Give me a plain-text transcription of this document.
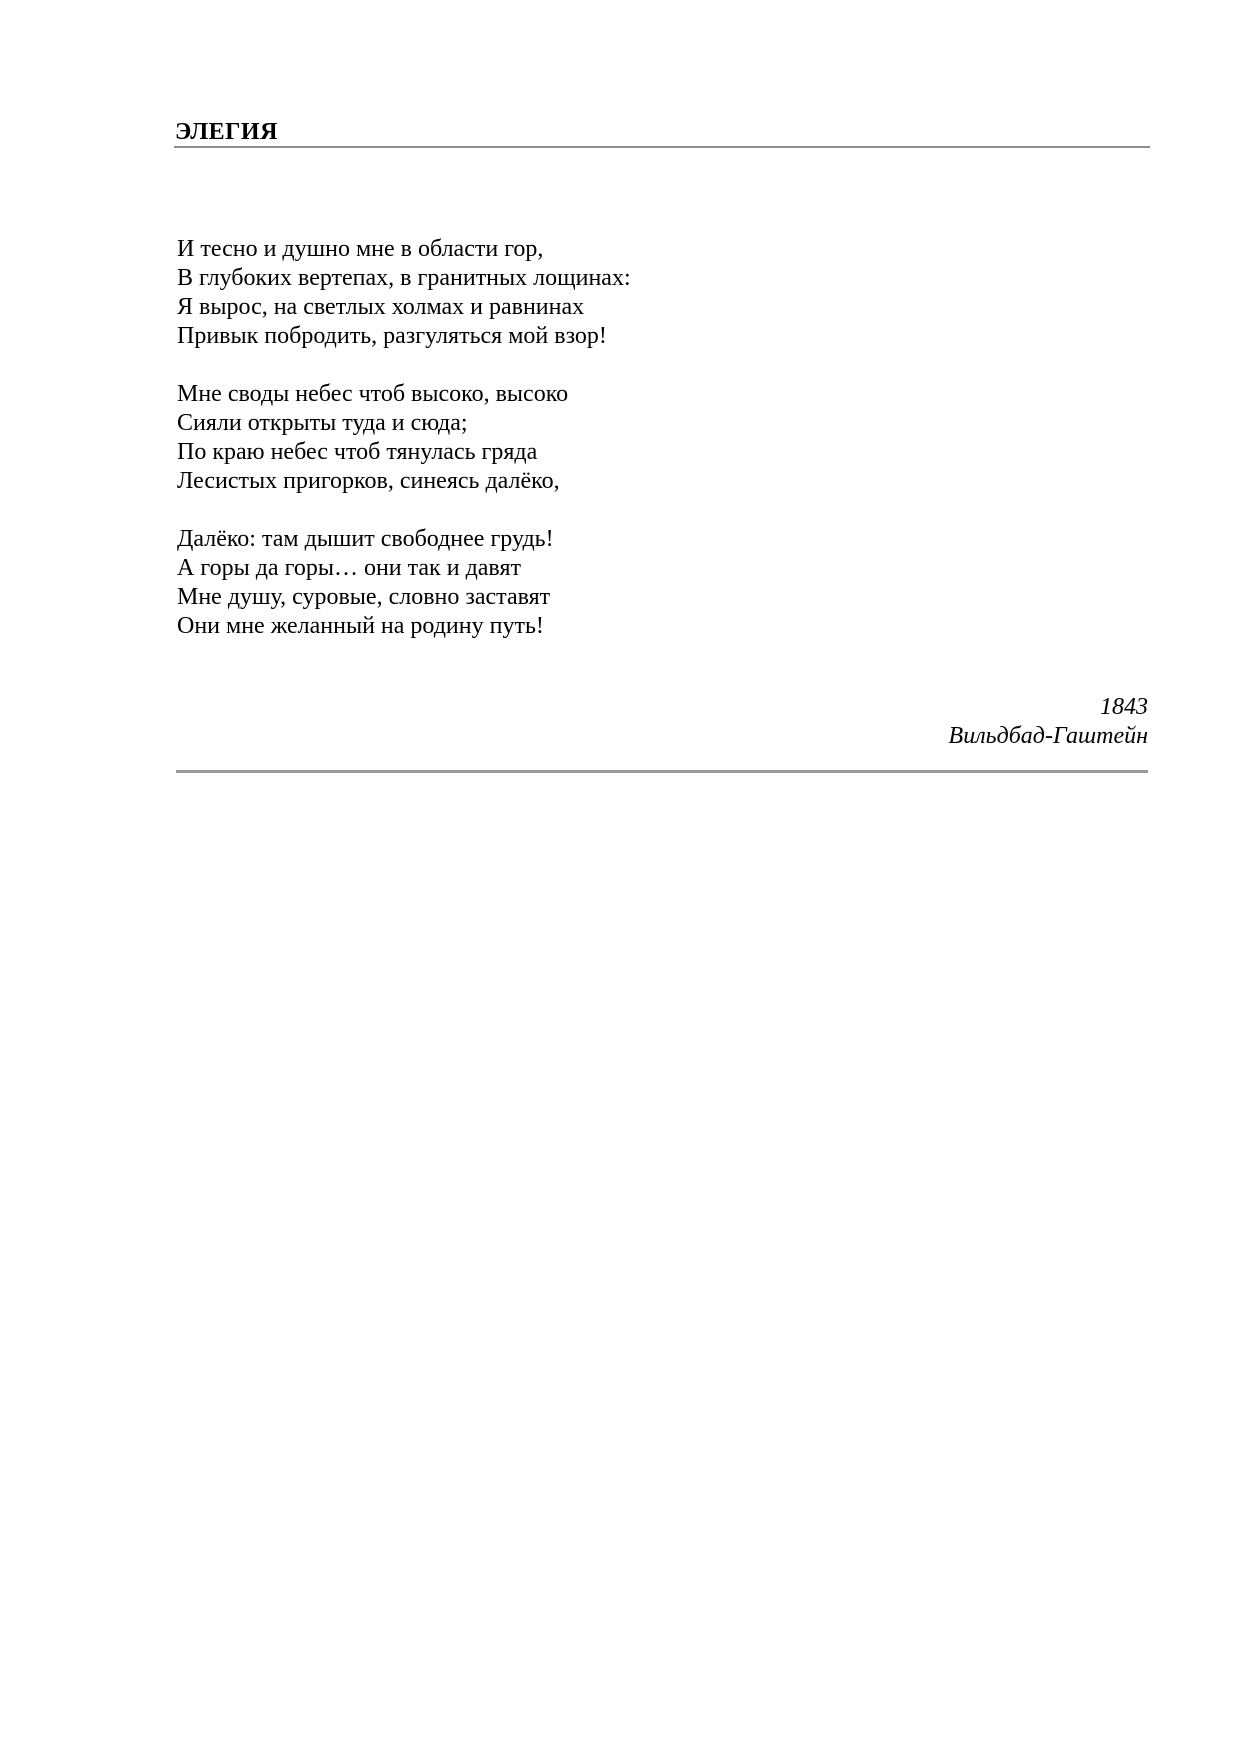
ЭЛЕГИЯ
И тесно и душно мне в области гор,
В глубоких вертепах, в гранитных лощинах:
Я вырос, на светлых холмах и равнинах
Привык побродить, разгуляться мой взор!
Мне своды небес чтоб высоко, высоко
Сияли открыты туда и сюда;
По краю небес чтоб тянулась гряда
Лесистых пригорков, синеясь далёко,
Далёко: там дышит свободнее грудь!
А горы да горы… они так и давят
Мне душу, суровые, словно заставят
Они мне желанный на родину путь!
1843
Вильдбад-Гаштейн
